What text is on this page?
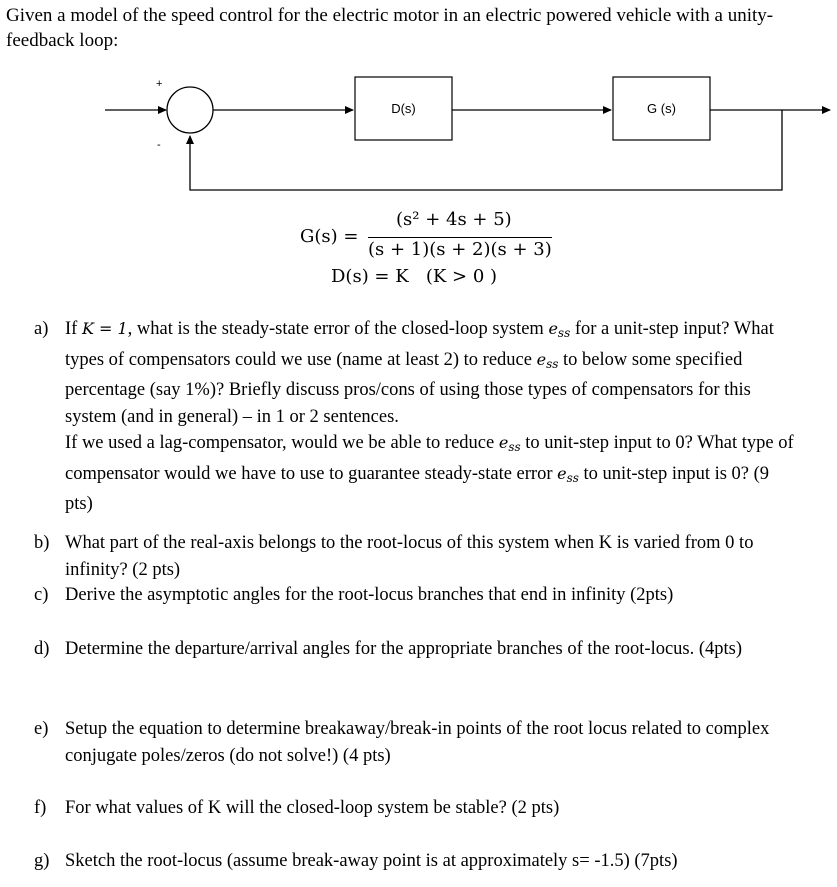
Given a model of the speed control for the electric motor in an electric powered vehicle with a unity-feedback loop:
+
-
D(s)	G (s)
G(s) =
(s² + 4s + 5)
(s + 1)(s + 2)(s + 3)
D(s) = K   (K > 0 )
a) If K = 1, what is the steady-state error of the closed-loop system $e_{ss}$ for a unit-step input? What types of compensators could we use (name at least 2) to reduce $e_{ss}$ to below some specified percentage (say 1%)? Briefly discuss pros/cons of using those types of compensators for this system (and in general) – in 1 or 2 sentences.

If we used a lag-compensator, would we be able to reduce $e_{ss}$ to unit-step input to 0? What type of compensator would we have to use to guarantee steady-state error $e_{ss}$ to unit-step input is 0? (9 pts)

b) What part of the real-axis belongs to the root-locus of this system when K is varied from 0 to infinity? (2 pts)
c) Derive the asymptotic angles for the root-locus branches that end in infinity (2pts)
d) Determine the departure/arrival angles for the appropriate branches of the root-locus. (4pts)
e) Setup the equation to determine breakaway/break-in points of the root locus related to complex conjugate poles/zeros (do not solve!) (4 pts)
f) For what values of K will the closed-loop system be stable? (2 pts)
g) Sketch the root-locus (assume break-away point is at approximately s= -1.5) (7pts)
